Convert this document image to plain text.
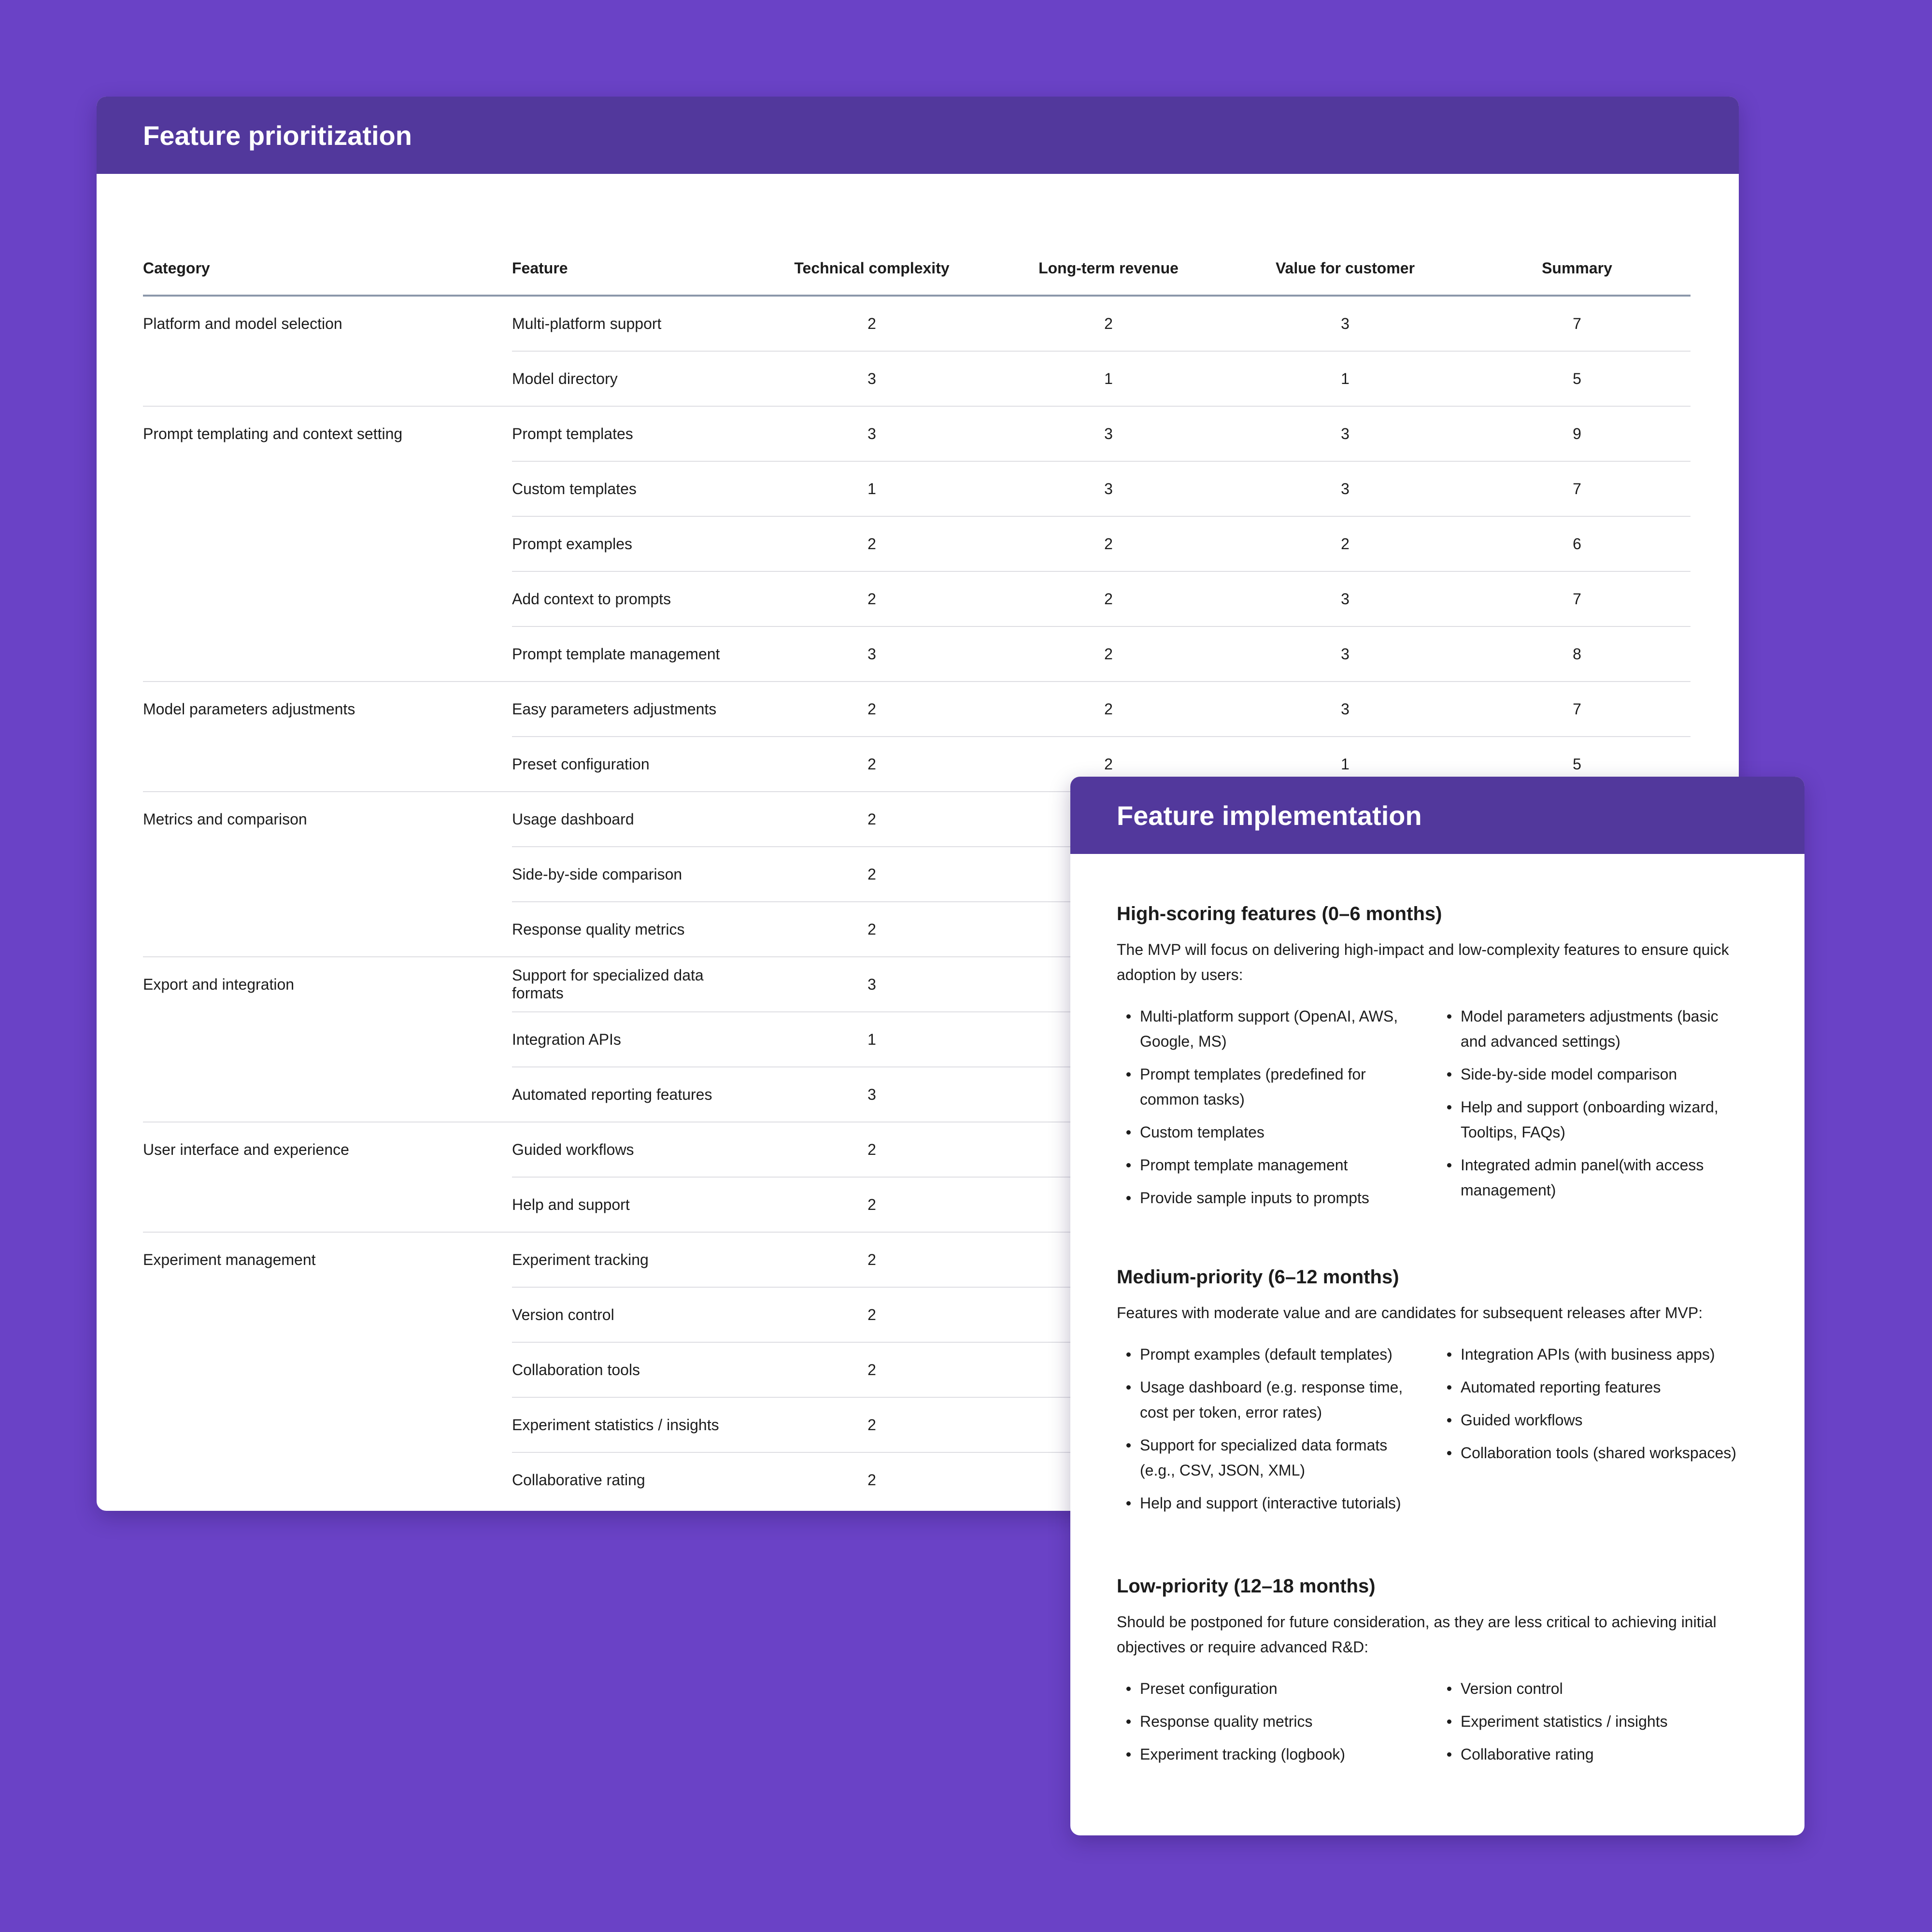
Feature prioritization
Category	Feature	Technical complexity	Long-term revenue	Value for customer	Summary
Platform and model selection	Multi-platform support	2	2	3	7
	Model directory	3	1	1	5
Prompt templating and context setting	Prompt templates	3	3	3	9
	Custom templates	1	3	3	7
	Prompt examples	2	2	2	6
	Add context to prompts	2	2	3	7
	Prompt template management	3	2	3	8
Model parameters adjustments	Easy parameters adjustments	2	2	3	7
	Preset configuration	2	2	1	5
Metrics and comparison	Usage dashboard	2			
	Side-by-side comparison	2			
	Response quality metrics	2			
Export and integration	Support for specialized data formats	3			
	Integration APIs	1			
	Automated reporting features	3			
User interface and experience	Guided workflows	2			
	Help and support	2			
Experiment management	Experiment tracking	2			
	Version control	2			
	Collaboration tools	2			
	Experiment statistics / insights	2			
	Collaborative rating	2			
Feature implementation
High-scoring features (0–6 months)

The MVP will focus on delivering high-impact and low-complexity features to ensure quick adoption by users:

Multi-platform support (OpenAI, AWS, Google, MS)
Prompt templates (predefined for common tasks)
Custom templates
Prompt template management
Provide sample inputs to prompts
Model parameters adjustments (basic and advanced settings)
Side-by-side model comparison
Help and support (onboarding wizard, Tooltips, FAQs)
Integrated admin panel(with access management)
Medium-priority (6–12 months)

Features with moderate value and are candidates for subsequent releases after MVP:

Prompt examples (default templates)
Usage dashboard (e.g. response time, cost per token, error rates)
Support for specialized data formats (e.g., CSV, JSON, XML)
Help and support (interactive tutorials)
Integration APIs (with business apps)
Automated reporting features
Guided workflows
Collaboration tools (shared workspaces)
Low-priority (12–18 months)

Should be postponed for future consideration, as they are less critical to achieving initial objectives or require advanced R&D:

Preset configuration
Response quality metrics
Experiment tracking (logbook)
Version control
Experiment statistics / insights
Collaborative rating
